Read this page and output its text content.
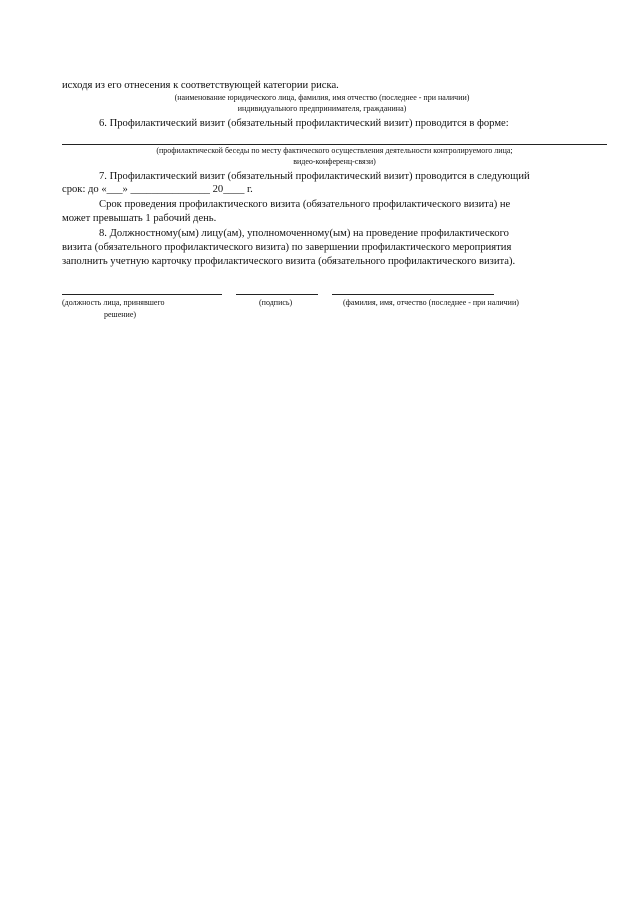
исходя из его отнесения к соответствующей категории риска.
(наименование юридического лица, фамилия, имя отчество (последнее - при наличии)
индивидуального предпринимателя, гражданина)
6. Профилактический визит (обязательный профилактический визит) проводится в форме:
(профилактической беседы по месту фактического осуществления деятельности контролируемого лица;
видео-конференц-связи)
7. Профилактический визит (обязательный профилактический визит) проводится в следующий
срок: до «___» _______________ 20____ г.
Срок проведения профилактического визита (обязательного профилактического визита) не
может превышать 1 рабочий день.
8. Должностному(ым) лицу(ам), уполномоченному(ым) на проведение профилактического
визита (обязательного профилактического визита) по завершении профилактического мероприятия
заполнить учетную карточку профилактического визита (обязательного профилактического визита).
(должность лица, принявшего
решение)
(подпись)	(фамилия, имя, отчество (последнее - при наличии)
